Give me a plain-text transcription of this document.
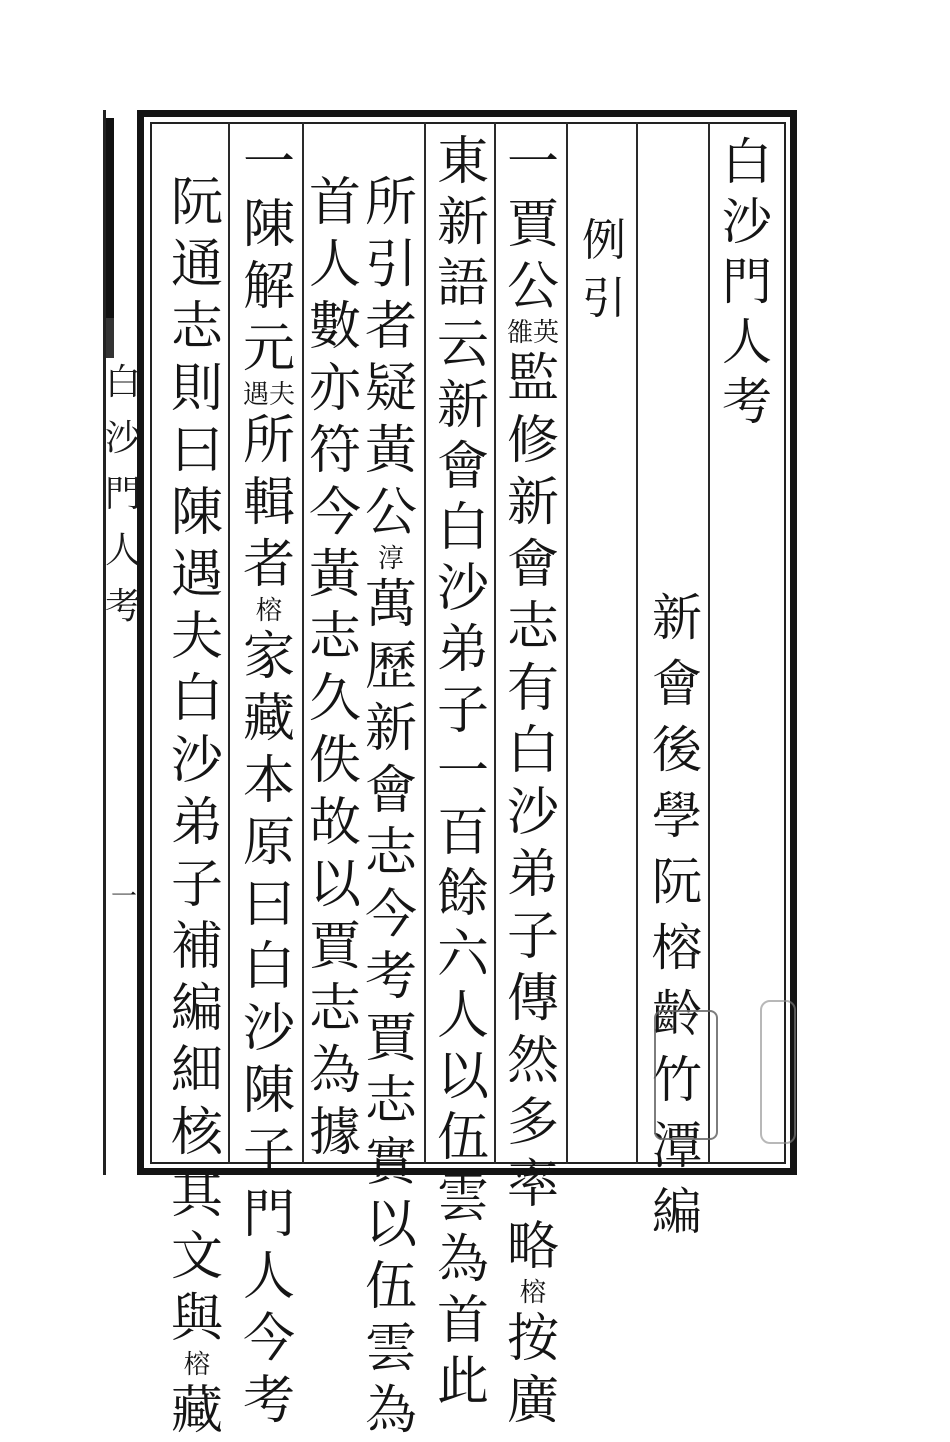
白沙門人考
一
白沙門人考
新會後學阮榕齡竹潭編
例引
一賈公
雒英
監修新會志有白沙弟子傳然多率略
榕
按廣
東新語云新會白沙弟子一百餘六人以伍雲為首此
所引者疑黃公
淳
萬歷新會志今考賈志實以伍雲為
首人數亦符今黃志久佚故以賈志為據
一陳解元
遇夫
所輯者
榕
家藏本原曰白沙陳子門人今考
阮通志則曰陳遇夫白沙弟子補編細核其文與
榕
藏
